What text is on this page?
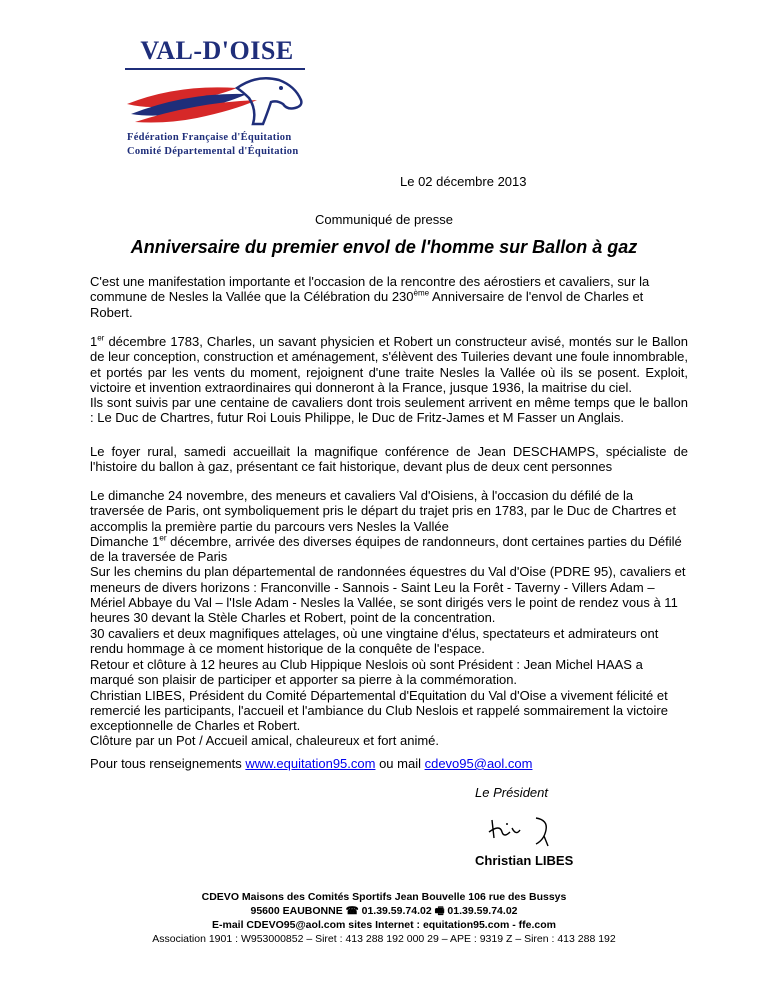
VAL-D'OISE
Fédération Française d'Équitation
Comité Départemental d'Équitation
Le 02 décembre 2013
Communiqué de presse
Anniversaire du premier envol de l'homme sur Ballon à gaz
C'est une manifestation importante et l'occasion de la rencontre des aérostiers et cavaliers, sur la commune de Nesles la Vallée que la Célébration du 230ème Anniversaire de l'envol de Charles et Robert.

1er décembre 1783, Charles, un savant physicien et Robert un constructeur avisé, montés sur le Ballon de leur conception, construction et aménagement, s'élèvent des Tuileries devant une foule innombrable, et portés par les vents du moment, rejoignent d'une traite Nesles la Vallée où ils se posent. Exploit, victoire et invention extraordinaires qui donneront à la France, jusque 1936, la maitrise du ciel.

Ils sont suivis par une centaine de cavaliers dont trois seulement arrivent en même temps que le ballon : Le Duc de Chartres, futur Roi Louis Philippe, le Duc de Fritz-James et M Fasser un Anglais.

Le foyer rural, samedi accueillait la magnifique conférence de Jean DESCHAMPS, spécialiste de l'histoire du ballon à gaz, présentant ce fait historique, devant plus de deux cent personnes

Le dimanche 24 novembre, des meneurs et cavaliers Val d'Oisiens, à l'occasion du défilé de la traversée de Paris, ont symboliquement pris le départ du trajet pris en 1783, par le Duc de Chartres et accomplis la première partie du parcours vers Nesles la Vallée

Dimanche 1er décembre, arrivée des diverses équipes de randonneurs, dont certaines parties du Défilé de la traversée de Paris

Sur les chemins du plan départemental de randonnées équestres du Val d'Oise (PDRE 95), cavaliers et meneurs de divers horizons : Franconville - Sannois - Saint Leu la Forêt - Taverny - Villers Adam – Mériel Abbaye du Val – l'Isle Adam - Nesles la Vallée, se sont dirigés vers le point de rendez vous à 11 heures 30 devant la Stèle Charles et Robert, point de la concentration.

30 cavaliers et deux magnifiques attelages, où une vingtaine d'élus, spectateurs et admirateurs ont rendu hommage à ce moment historique de la conquête de l'espace.

Retour et clôture à 12 heures au Club Hippique Neslois où sont Président : Jean Michel HAAS a marqué son plaisir de participer et apporter sa pierre à la commémoration.

Christian LIBES, Président du Comité Départemental d'Equitation du Val d'Oise a vivement félicité et remercié les participants, l'accueil et l'ambiance du Club Neslois et rappelé sommairement la victoire exceptionnelle de Charles et Robert.

Clôture par un Pot / Accueil amical, chaleureux et fort animé.

Pour tous renseignements www.equitation95.com ou mail cdevo95@aol.com
Le Président
Christian LIBES
CDEVO Maisons des Comités Sportifs Jean Bouvelle 106 rue des Bussys
95600 EAUBONNE ☎ 01.39.59.74.02 🖷 01.39.59.74.02
E-mail CDEVO95@aol.com sites Internet : equitation95.com - ffe.com
Association 1901 : W953000852 – Siret : 413 288 192 000 29 – APE : 9319 Z – Siren : 413 288 192
